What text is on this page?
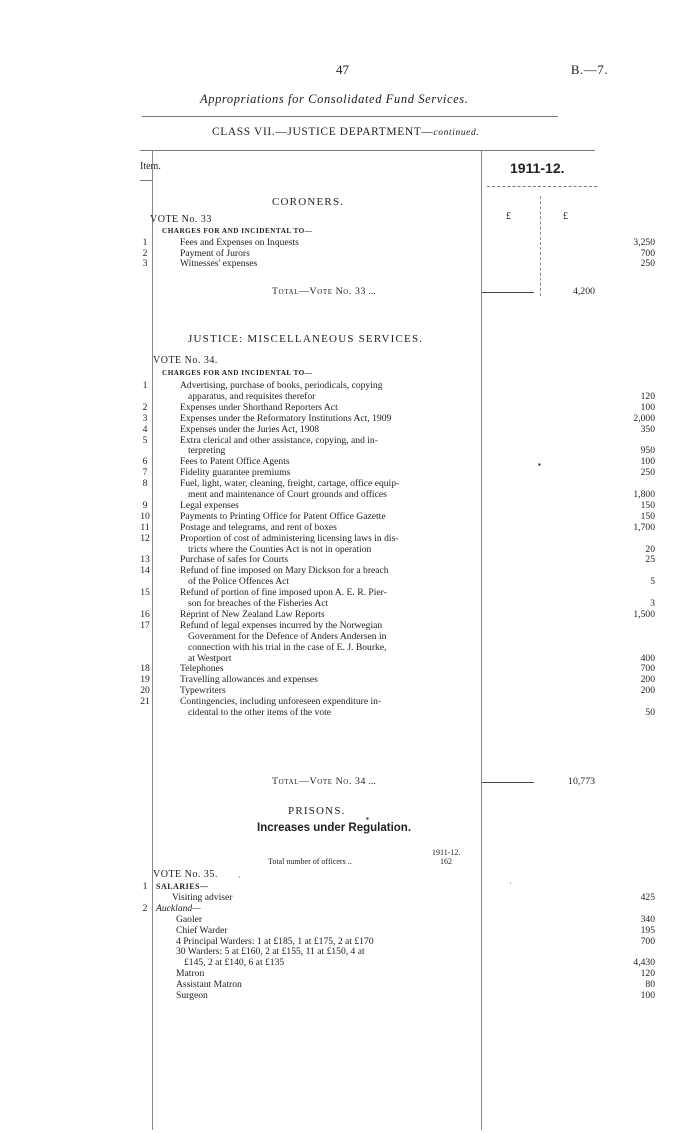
47	B.—7.
Appropriations for Consolidated Fund Services.
CLASS VII.—JUSTICE DEPARTMENT—continued.
Item.	1911-12.
CORONERS.
VOTE No. 33	£	£
CHARGES FOR AND INCIDENTAL TO—
1	Fees and Expenses on Inquests	3,250
2	Payment of Jurors	700
3	Witnesses' expenses	250
Total—Vote No. 33 ...	4,200
JUSTICE: MISCELLANEOUS SERVICES.
VOTE No. 34.
CHARGES FOR AND INCIDENTAL TO—
1	Advertising, purchase of books, periodicals, copying
apparatus, and requisites therefor	120
2	Expenses under Shorthand Reporters Act	100
3	Expenses under the Reformatory Institutions Act, 1909	2,000
4	Expenses under the Juries Act, 1908	350
5	Extra clerical and other assistance, copying, and in-
terpreting	950
6	Fees to Patent Office Agents	100
7	Fidelity guarantee premiums	250
8	Fuel, light, water, cleaning, freight, cartage, office equip-
ment and maintenance of Court grounds and offices	1,800
9	Legal expenses	150
10	Payments to Printing Office for Patent Office Gazette	150
11	Postage and telegrams, and rent of boxes	1,700
12	Proportion of cost of administering licensing laws in dis-
tricts where the Counties Act is not in operation	20
13	Purchase of safes for Courts	25
14	Refund of fine imposed on Mary Dickson for a breach
of the Police Offences Act	5
15	Refund of portion of fine imposed upon A. E. R. Pier-
son for breaches of the Fisheries Act	3
16	Reprint of New Zealand Law Reports	1,500
17	Refund of legal expenses incurred by the Norwegian
Government for the Defence of Anders Andersen in
connection with his trial in the case of E. J. Bourke,
at Westport	400
18	Telephones	700
19	Travelling allowances and expenses	200
20	Typewriters	200
21	Contingencies, including unforeseen expenditure in-
cidental to the other items of the vote	50
▪
Total—Vote No. 34 ...	10,773
PRISONS.
▪
Increases under Regulation.
1911-12.
Total number of officers ..	162
VOTE No. 35.	·
·
1	SALARIES—
Visiting adviser	425
2 Auckland—
Gaoler	340
Chief Warder	195
4 Principal Warders: 1 at £185, 1 at £175, 2 at £170	700
30 Warders: 5 at £160, 2 at £155, 11 at £150, 4 at
£145, 2 at £140, 6 at £135	4,430
Matron	120
Assistant Matron	80
Surgeon	100
